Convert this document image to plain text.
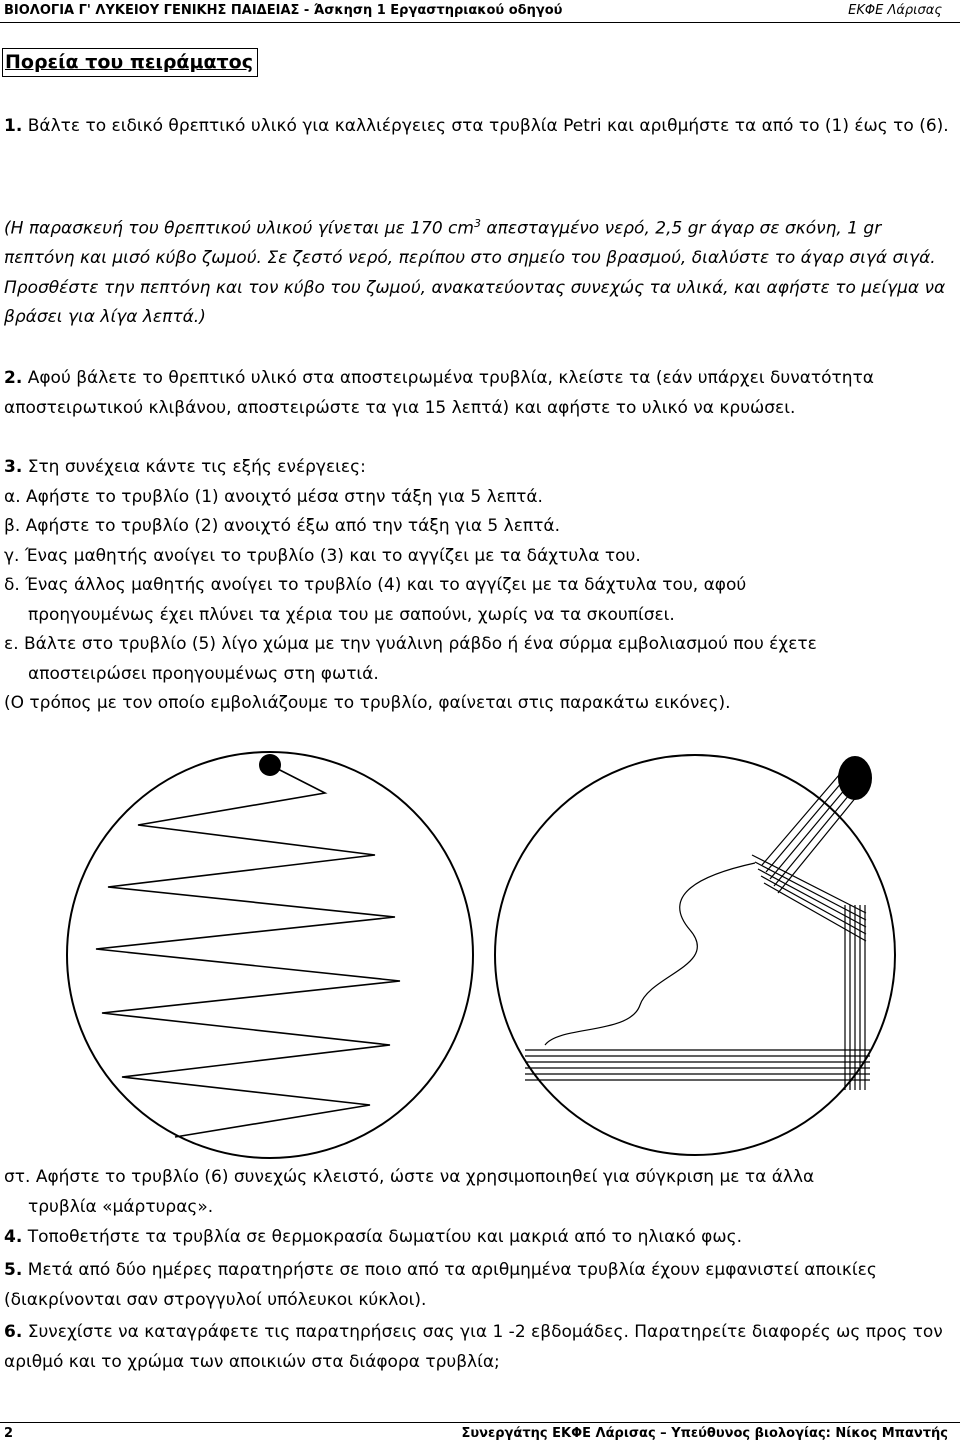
ΒΙΟΛΟΓΙΑ Γ' ΛΥΚΕΙΟΥ ΓΕΝΙΚΗΣ ΠΑΙΔΕΙΑΣ - Άσκηση 1 Εργαστηριακού οδηγού	ΕΚΦΕ Λάρισας
Πορεία του πειράματος
1. Βάλτε το ειδικό θρεπτικό υλικό για καλλιέργειες στα τρυβλία Petri και αριθμήστε τα από το (1) έως το (6).
(Η παρασκευή του θρεπτικού υλικού γίνεται με 170 $cm^3$ απεσταγμένο νερό, 2,5 gr άγαρ σε σκόνη, 1 gr πεπτόνη και μισό κύβο ζωμού. Σε ζεστό νερό, περίπου στο σημείο του βρασμού, διαλύστε το άγαρ σιγά σιγά. Προσθέστε την πεπτόνη και τον κύβο του ζωμού, ανακατεύοντας συνεχώς τα υλικά, και αφήστε το μείγμα να βράσει για λίγα λεπτά.)
2. Αφού βάλετε το θρεπτικό υλικό στα αποστειρωμένα τρυβλία, κλείστε τα (εάν υπάρχει δυνατότητα αποστειρωτικού κλιβάνου, αποστειρώστε τα για 15 λεπτά) και αφήστε το υλικό να κρυώσει.
3. Στη συνέχεια κάντε τις εξής ενέργειες:
α. Αφήστε το τρυβλίο (1) ανοιχτό μέσα στην τάξη για 5 λεπτά.
β. Αφήστε το τρυβλίο (2) ανοιχτό έξω από την τάξη για 5 λεπτά.
γ. Ένας μαθητής ανοίγει το τρυβλίο (3) και το αγγίζει με τα δάχτυλα του.
δ. Ένας άλλος μαθητής ανοίγει το τρυβλίο (4) και το αγγίζει με τα δάχτυλα του, αφού
προηγουμένως έχει πλύνει τα χέρια του με σαπούνι, χωρίς να τα σκουπίσει.
ε. Βάλτε στο τρυβλίο (5) λίγο χώμα με την γυάλινη ράβδο ή ένα σύρμα εμβολιασμού που έχετε
αποστειρώσει προηγουμένως στη φωτιά.
(Ο τρόπος με τον οποίο εμβολιάζουμε το τρυβλίο, φαίνεται στις παρακάτω εικόνες).
στ. Αφήστε το τρυβλίο (6) συνεχώς κλειστό, ώστε να χρησιμοποιηθεί για σύγκριση με τα άλλα
τρυβλία «μάρτυρας».
4. Τοποθετήστε τα τρυβλία σε θερμοκρασία δωματίου και μακριά από το ηλιακό φως.
5. Μετά από δύο ημέρες παρατηρήστε σε ποιο από τα αριθμημένα τρυβλία έχουν εμφανιστεί αποικίες (διακρίνονται σαν στρογγυλοί υπόλευκοι κύκλοι).
6. Συνεχίστε να καταγράφετε τις παρατηρήσεις σας για 1 -2 εβδομάδες. Παρατηρείτε διαφορές ως προς τον αριθμό και το χρώμα των αποικιών στα διάφορα τρυβλία;
2	Συνεργάτης ΕΚΦΕ Λάρισας – Υπεύθυνος βιολογίας: Νίκος Μπαντής
